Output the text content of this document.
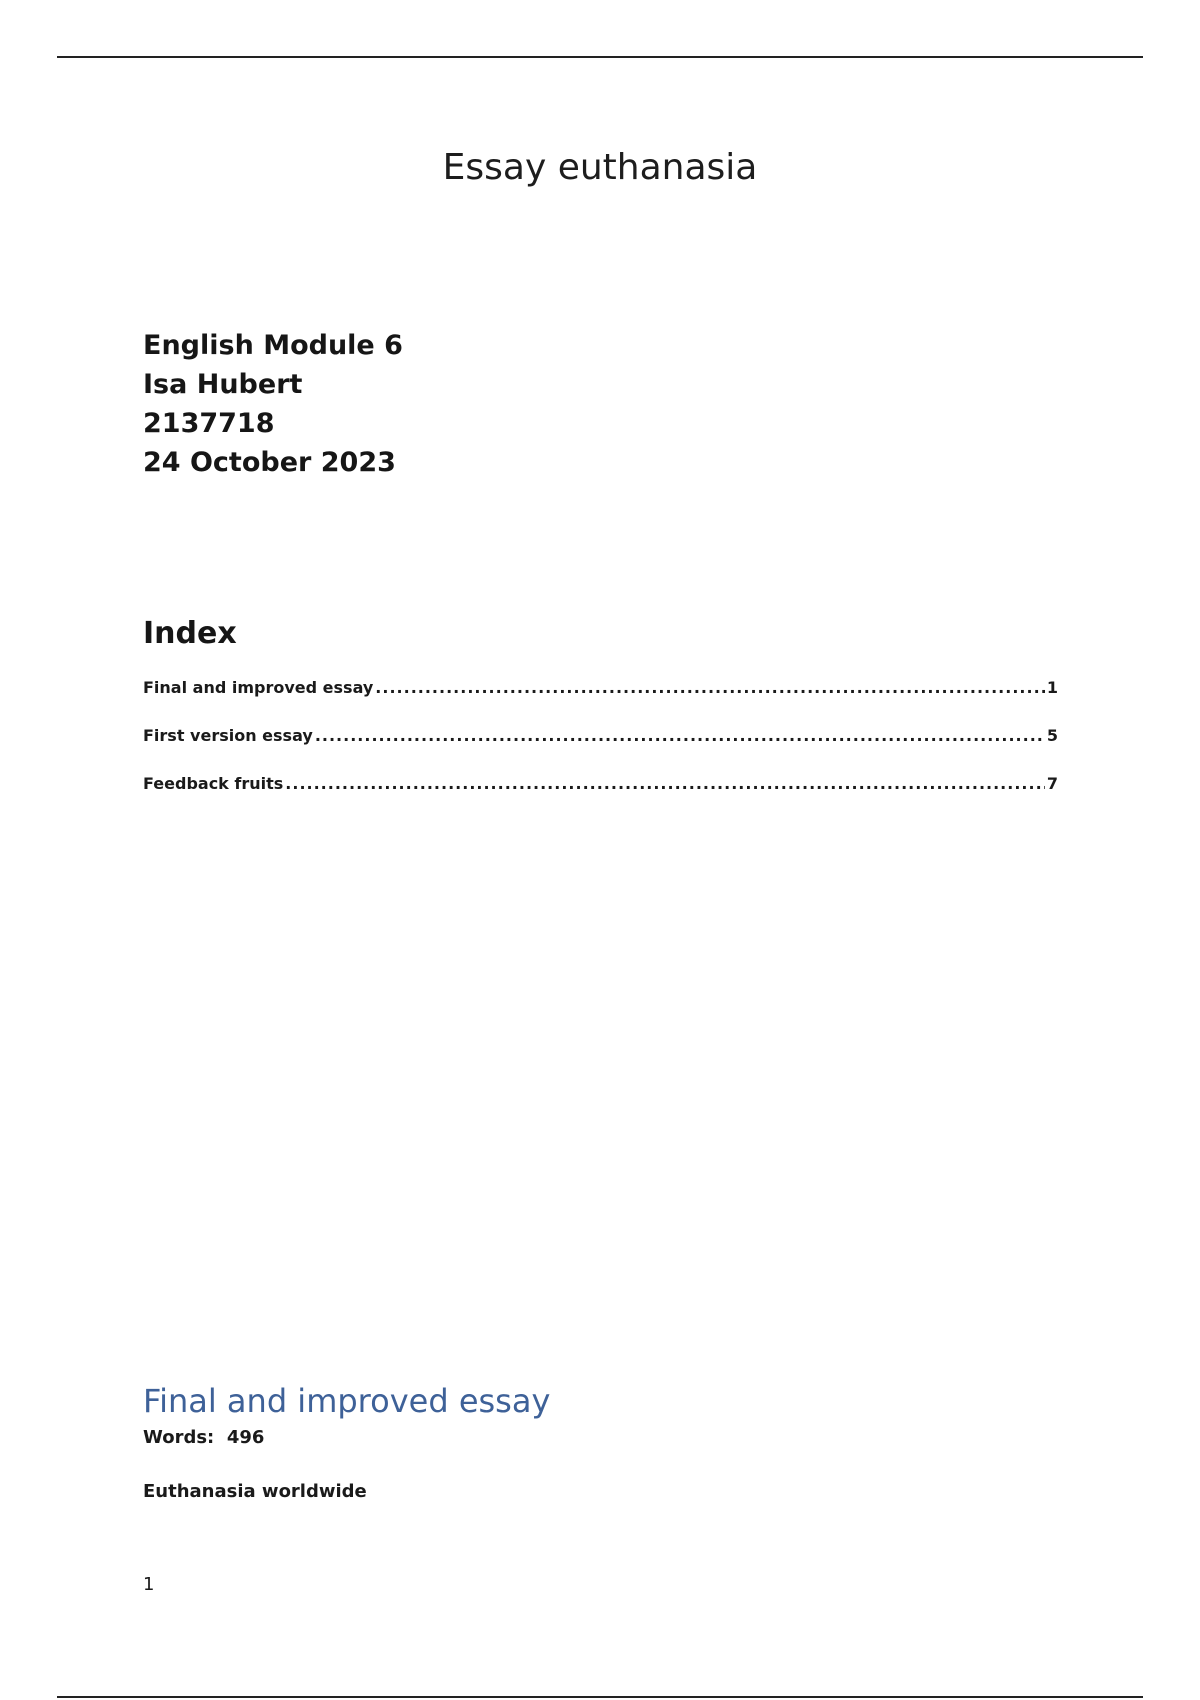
Essay euthanasia
English Module 6
Isa Hubert
2137718
24 October 2023
Index
Final and improved essay .....	1
First version essay .....	5
Feedback fruits .....	7
Final and improved essay
Words: 496
Euthanasia worldwide
1
